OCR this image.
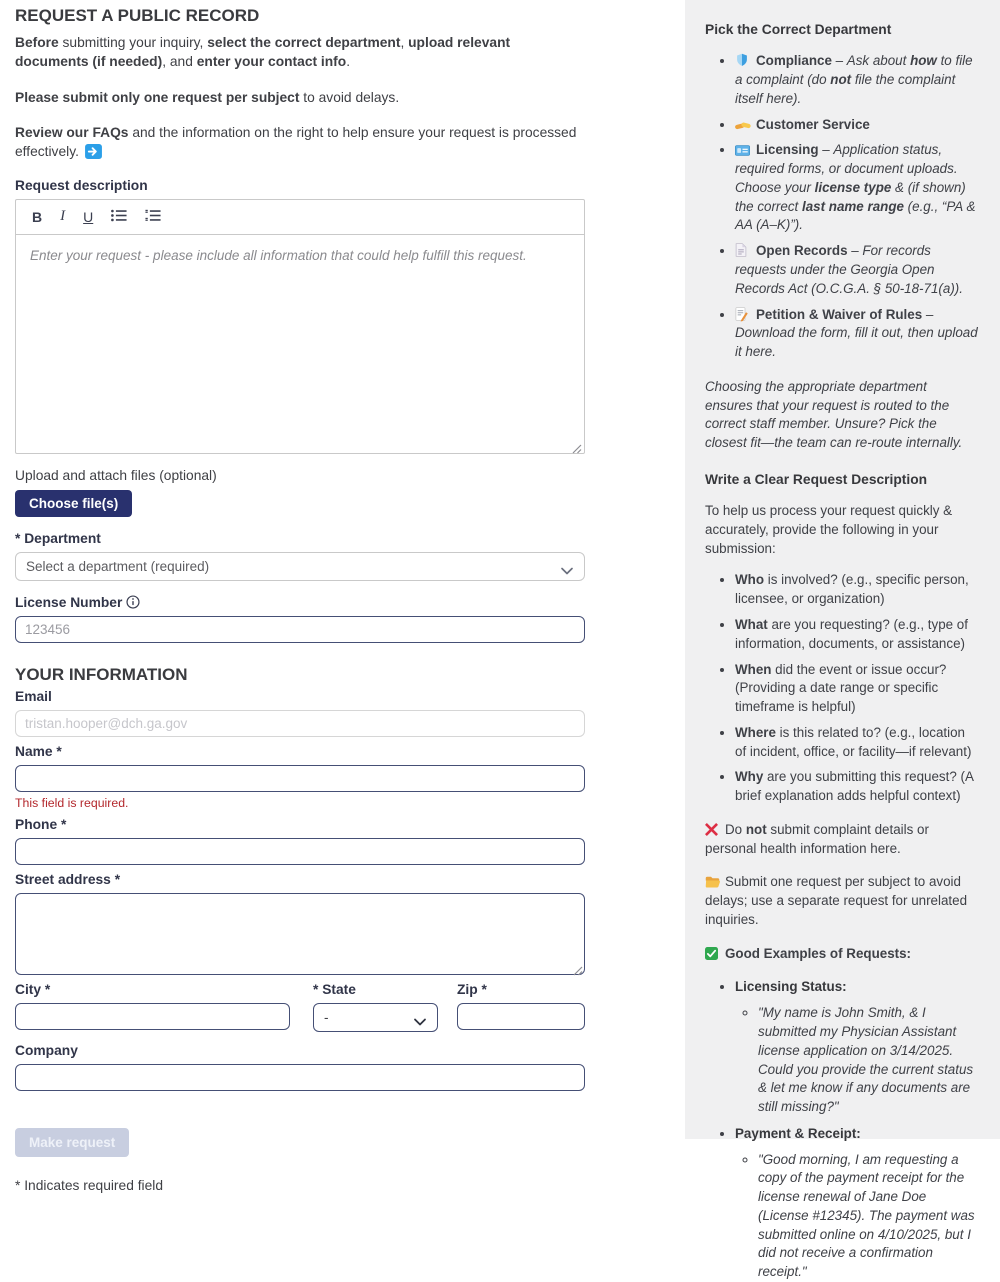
REQUEST A PUBLIC RECORD

Before submitting your inquiry, select the correct department, upload relevant documents (if needed), and enter your contact info.

Please submit only one request per subject to avoid delays.

Review our FAQs and the information on the right to help ensure your request is processed effectively.

Request description
B I U
Enter your request - please include all information that could help fulfill this request.
Upload and attach files (optional)
Choose file(s)
* Department
Select a department (required)
License Number
123456
YOUR INFORMATION
Email
tristan.hooper@dch.ga.gov
Name *
This field is required.
Phone *
Street address *
City *	* State
-
Zip *
Company
Make request
* Indicates required field
Pick the Correct Department
• Compliance – Ask about how to file a complaint (do not file the complaint itself here).
• Customer Service
• Licensing – Application status, required forms, or document uploads. Choose your license type & (if shown) the correct last name range (e.g., “PA & AA (A–K)”).
• Open Records – For records requests under the Georgia Open Records Act (O.C.G.A. § 50-18-71(a)).
• Petition & Waiver of Rules – Download the form, fill it out, then upload it here.

Choosing the appropriate department ensures that your request is routed to the correct staff member. Unsure? Pick the closest fit—the team can re-route internally.

Write a Clear Request Description

To help us process your request quickly & accurately, provide the following in your submission:

• Who is involved? (e.g., specific person, licensee, or organization)
• What are you requesting? (e.g., type of information, documents, or assistance)
• When did the event or issue occur? (Providing a date range or specific timeframe is helpful)
• Where is this related to? (e.g., location of incident, office, or facility—if relevant)
• Why are you submitting this request? (A brief explanation adds helpful context)

Do not submit complaint details or personal health information here.

Submit one request per subject to avoid delays; use a separate request for unrelated inquiries.

Good Examples of Requests:

• Licensing Status:
◦ "My name is John Smith, & I submitted my Physician Assistant license application on 3/14/2025. Could you provide the current status & let me know if any documents are still missing?"
• Payment & Receipt:
◦ "Good morning, I am requesting a copy of the payment receipt for the license renewal of Jane Doe (License #12345). The payment was submitted online on 4/10/2025, but I did not receive a confirmation receipt."
